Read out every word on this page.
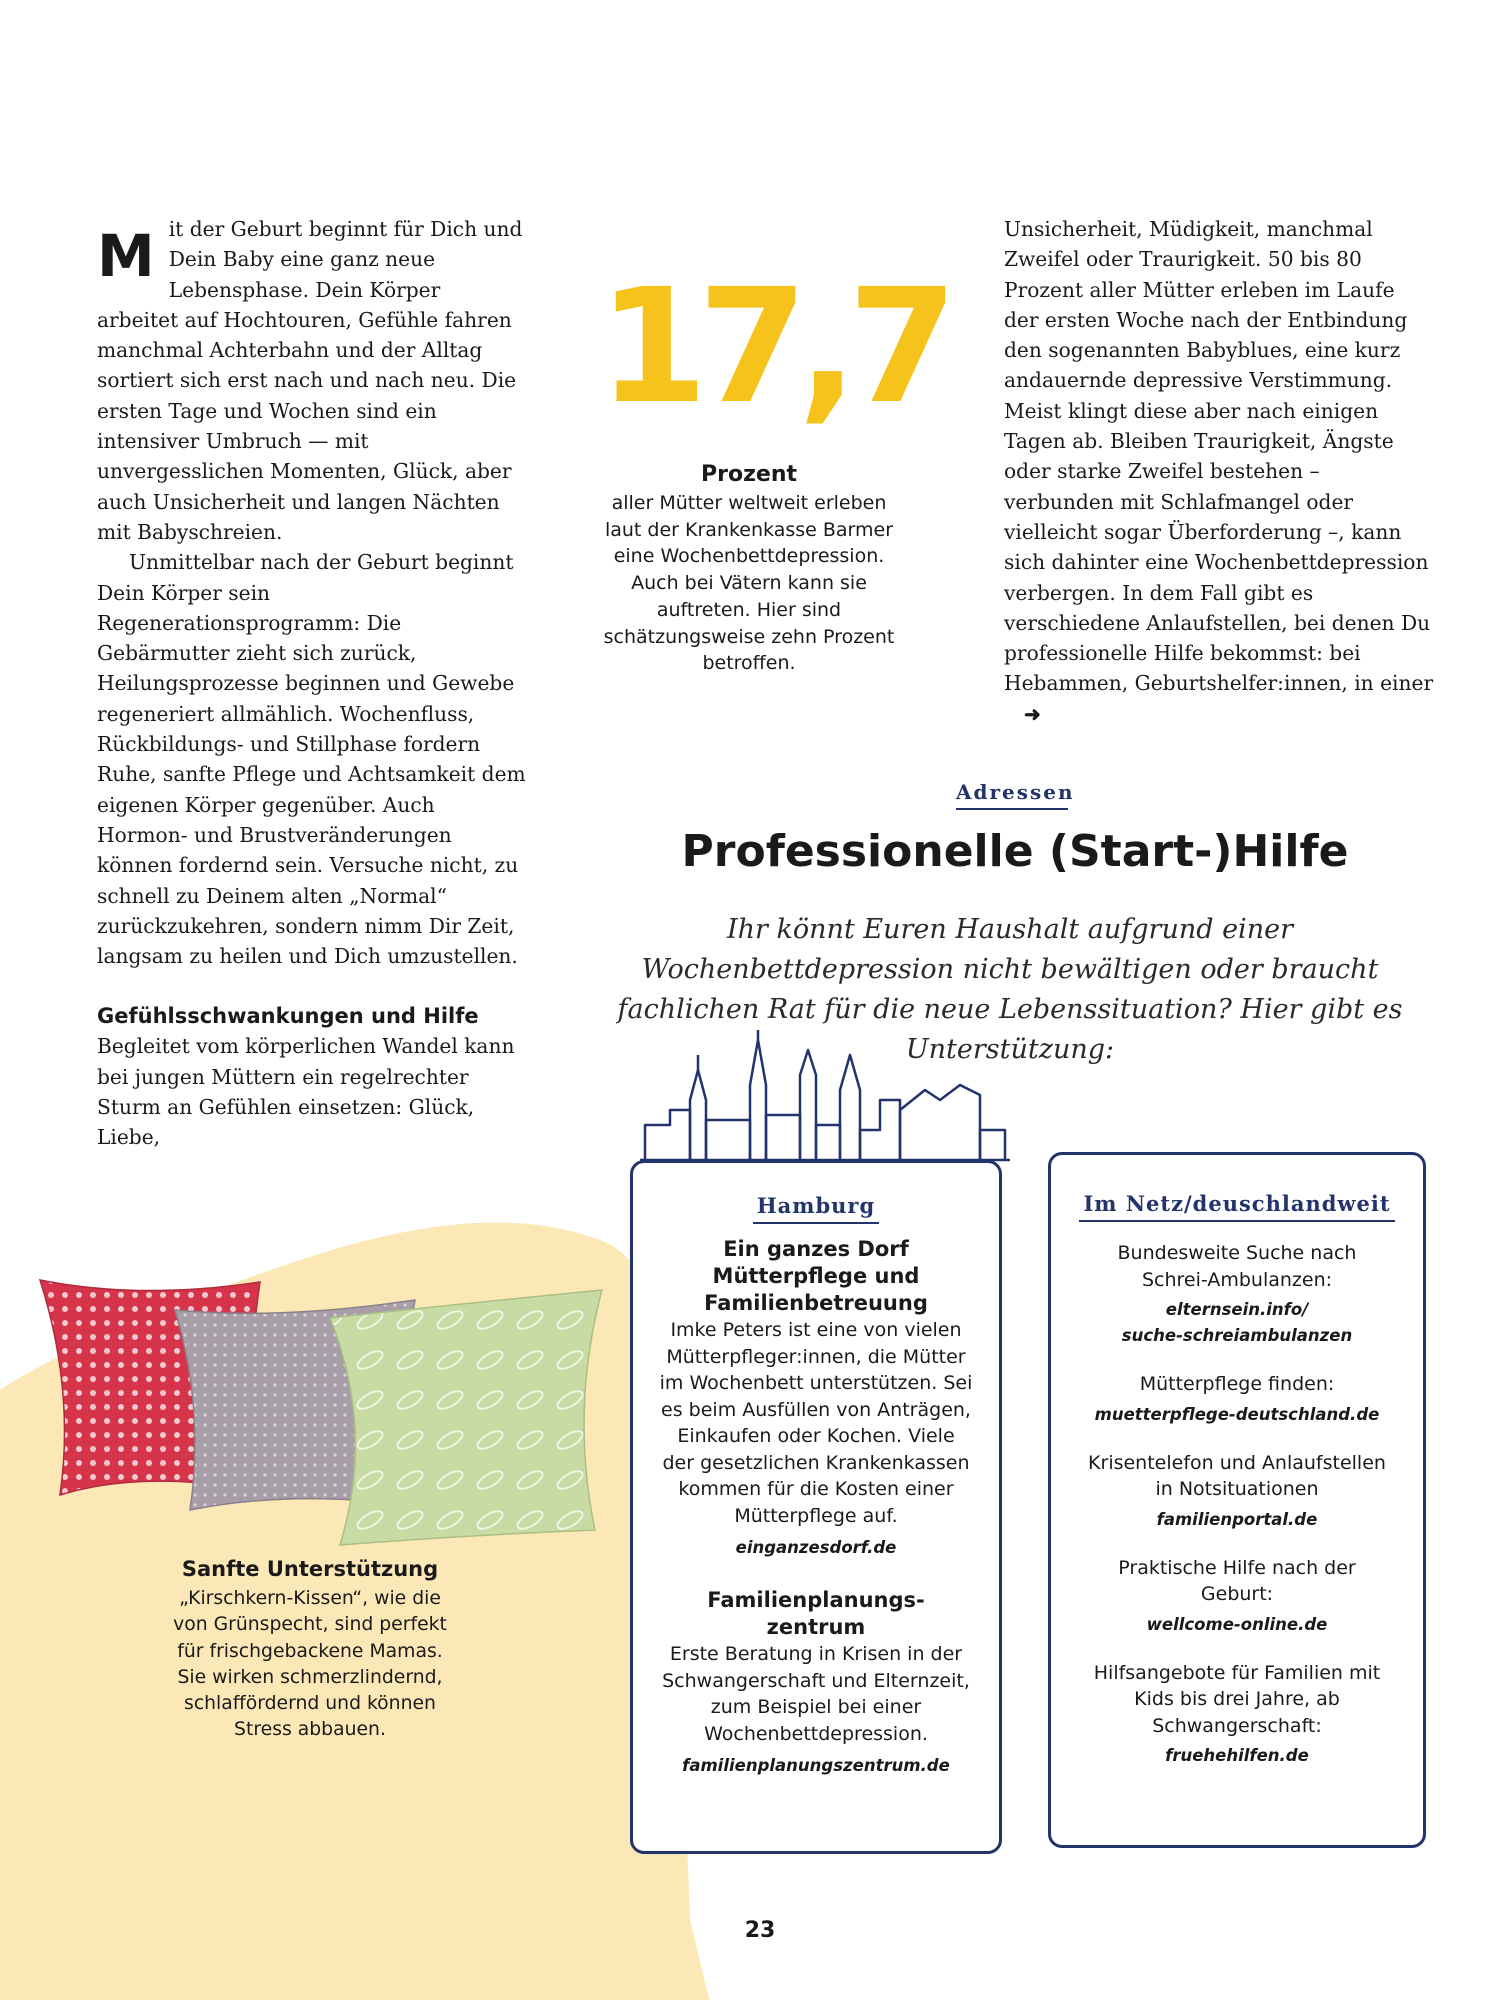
Mit der Geburt beginnt für Dich und Dein Baby eine ganz neue Lebensphase. Dein Körper arbeitet auf Hochtouren, Gefühle fahren manchmal Achterbahn und der Alltag sortiert sich erst nach und nach neu. Die ersten Tage und Wochen sind ein intensiver Umbruch — mit unvergesslichen Momenten, Glück, aber auch Unsicherheit und langen Nächten mit Babyschreien.

Unmittelbar nach der Geburt beginnt Dein Körper sein Regenerationsprogramm: Die Gebärmutter zieht sich zurück, Heilungsprozesse beginnen und Gewebe regeneriert allmählich. Wochenfluss, Rückbildungs- und Stillphase fordern Ruhe, sanfte Pflege und Achtsamkeit dem eigenen Körper gegenüber. Auch Hormon- und Brustveränderungen können fordernd sein. Versuche nicht, zu schnell zu Deinem alten „Normal“ zurückzukehren, sondern nimm Dir Zeit, langsam zu heilen und Dich umzustellen.

Gefühlsschwankungen und Hilfe

Begleitet vom körperlichen Wandel kann bei jungen Müttern ein regelrechter Sturm an Gefühlen einsetzen: Glück, Liebe,

17,7
Prozent
aller Mütter weltweit erleben laut der Krankenkasse Barmer eine Wochenbettdepression. Auch bei Vätern kann sie auftreten. Hier sind schätzungsweise zehn Prozent betroffen.

Unsicherheit, Müdigkeit, manchmal Zweifel oder Traurigkeit. 50 bis 80 Prozent aller Mütter erleben im Laufe der ersten Woche nach der Entbindung den sogenannten Babyblues, eine kurz andauernde depressive Verstimmung. Meist klingt diese aber nach einigen Tagen ab. Bleiben Traurigkeit, Ängste oder starke Zweifel bestehen – verbunden mit Schlafmangel oder vielleicht sogar Überforderung –, kann sich dahinter eine Wochenbettdepression verbergen. In dem Fall gibt es verschiedene Anlaufstellen, bei denen Du professionelle Hilfe bekommst: bei Hebammen, Geburtshelfer:innen, in einer➜

Adressen
Professionelle (Start-)Hilfe
Ihr könnt Euren Haushalt aufgrund einer Wochenbettdepression nicht bewältigen oder braucht fachlichen Rat für die neue Lebenssituation? Hier gibt es Unterstützung:
Hamburg
Ein ganzes Dorf Mütterpflege und Familienbetreuung

Imke Peters ist eine von vielen Mütterpfleger:innen, die Mütter im Wochenbett unterstützen. Sei es beim Ausfüllen von Anträgen, Einkaufen oder Kochen. Viele der gesetzlichen Krankenkassen kommen für die Kosten einer Mütterpflege auf.

einganzesdorf.de
Familienplanungs-zentrum

Erste Beratung in Krisen in der Schwangerschaft und Elternzeit, zum Beispiel bei einer Wochenbettdepression.

familienplanungszentrum.de
Im Netz/deuschlandweit

Bundesweite Suche nach Schrei-Ambulanzen:

elternsein.info/
suche-schreiambulanzen

Mütterpflege finden:

muetterpflege-deutschland.de

Krisentelefon und Anlaufstellen in Notsituationen

familienportal.de

Praktische Hilfe nach der Geburt:

wellcome-online.de

Hilfsangebote für Familien mit Kids bis drei Jahre, ab Schwangerschaft:

fruehehilfen.de
Sanfte Unterstützung

„Kirschkern-Kissen“, wie die von Grünspecht, sind perfekt für frischgebackene Mamas. Sie wirken schmerzlindernd, schlaffördernd und können Stress abbauen.

23
